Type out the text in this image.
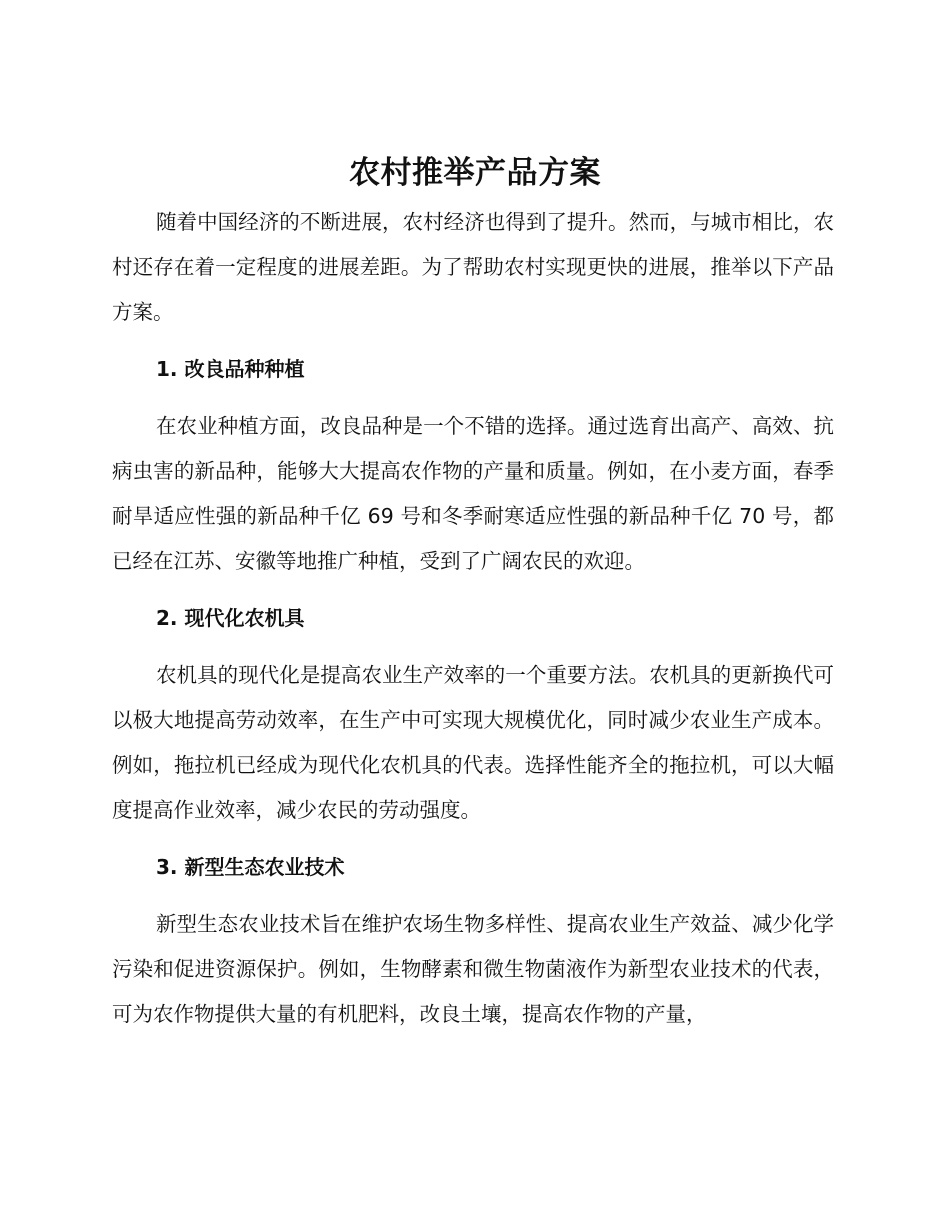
农村推举产品方案

随着中国经济的不断进展，农村经济也得到了提升。然而，与城市相比，农村还存在着一定程度的进展差距。为了帮助农村实现更快的进展，推举以下产品方案。

1. 改良品种种植

在农业种植方面，改良品种是一个不错的选择。通过选育出高产、高效、抗病虫害的新品种，能够大大提高农作物的产量和质量。例如，在小麦方面，春季耐旱适应性强的新品种千亿 69 号和冬季耐寒适应性强的新品种千亿 70 号，都已经在江苏、安徽等地推广种植，受到了广阔农民的欢迎。

2. 现代化农机具

农机具的现代化是提高农业生产效率的一个重要方法。农机具的更新换代可以极大地提高劳动效率，在生产中可实现大规模优化，同时减少农业生产成本。例如，拖拉机已经成为现代化农机具的代表。选择性能齐全的拖拉机，可以大幅度提高作业效率，减少农民的劳动强度。

3. 新型生态农业技术

新型生态农业技术旨在维护农场生物多样性、提高农业生产效益、减少化学污染和促进资源保护。例如，生物酵素和微生物菌液作为新型农业技术的代表，可为农作物提供大量的有机肥料，改良土壤，提高农作物的产量，
